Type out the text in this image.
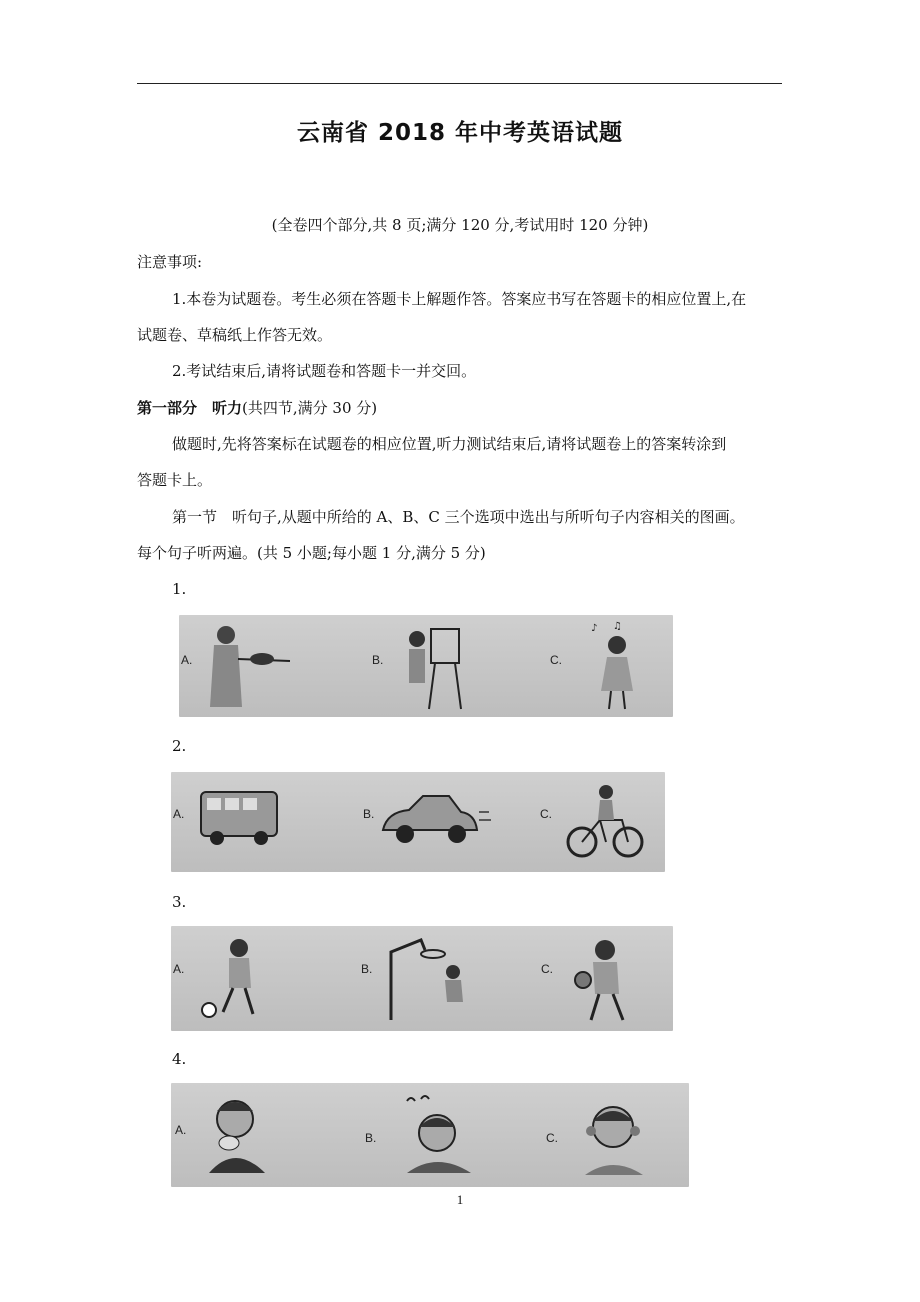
云南省 2018 年中考英语试题
(全卷四个部分,共 8 页;满分 120 分,考试用时 120 分钟)
注意事项:
1.本卷为试题卷。考生必须在答题卡上解题作答。答案应书写在答题卡的相应位置上,在
试题卷、草稿纸上作答无效。
2.考试结束后,请将试题卷和答题卡一并交回。
第一部分　听力(共四节,满分 30 分)
做题时,先将答案标在试题卷的相应位置,听力测试结束后,请将试题卷上的答案转涂到
答题卡上。
第一节　听句子,从题中所给的 A、B、C 三个选项中选出与所听句子内容相关的图画。
每个句子听两遍。(共 5 小题;每小题 1 分,满分 5 分)
1.
A.	B.	C.
♪ ♫
2.
A.	B.	C.
3.
A.	B.	C.
4.
A.
B.	C.
1
